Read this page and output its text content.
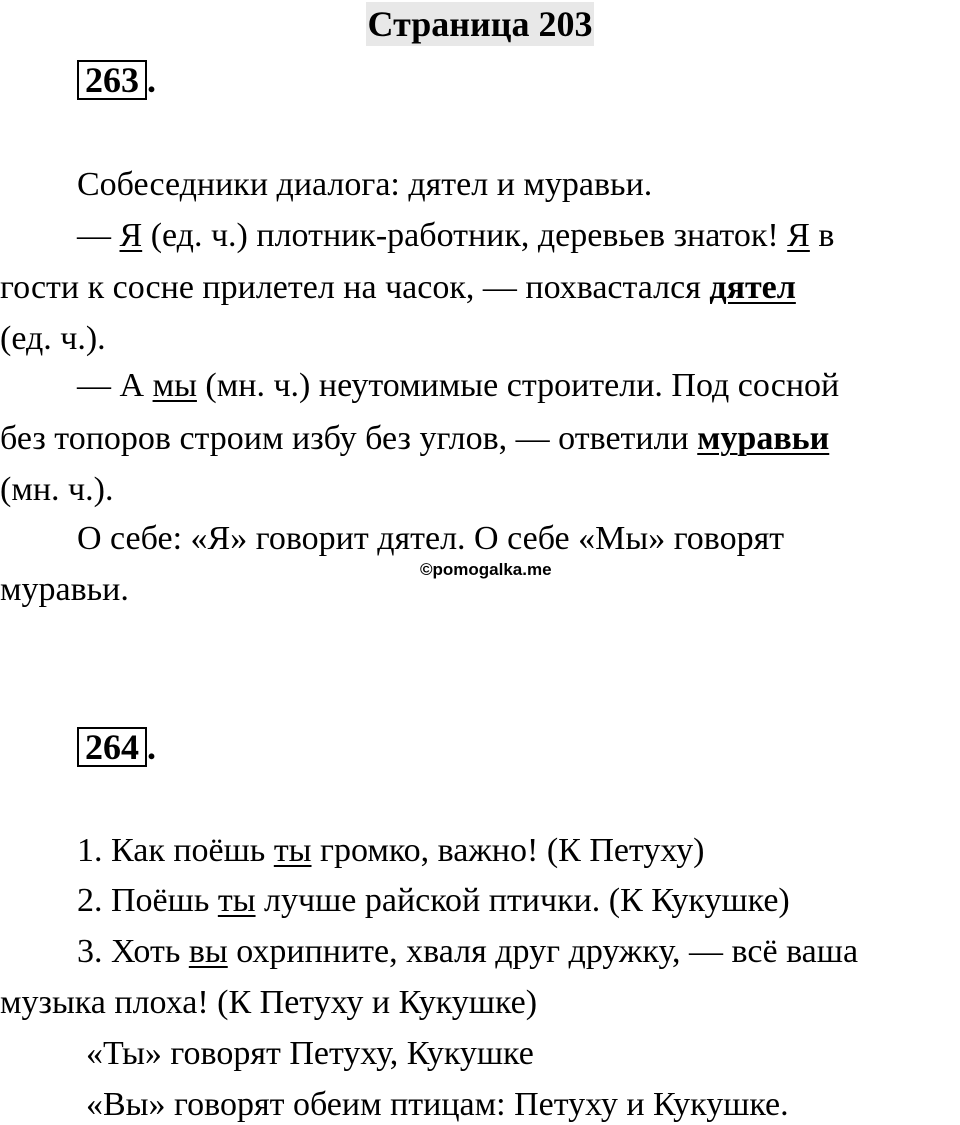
Страница 203
263 .
Собеседники диалога: дятел и муравьи.
— Я (ед. ч.) плотник-работник, деревьев знаток! Я в
гости к сосне прилетел на часок, — похвастался дятел
(ед. ч.).
— А мы (мн. ч.) неутомимые строители. Под сосной
без топоров строим избу без углов, — ответили муравьи
(мн. ч.).
О себе: «Я» говорит дятел. О себе «Мы» говорят
муравьи.
©pomogalka.me
264 .
1. Как поёшь ты громко, важно! (К Петуху)
2. Поёшь ты лучше райской птички. (К Кукушке)
3. Хоть вы охрипните, хваля друг дружку, — всё ваша
музыка плоха! (К Петуху и Кукушке)
«Ты» говорят Петуху, Кукушке
«Вы» говорят обеим птицам: Петуху и Кукушке.
